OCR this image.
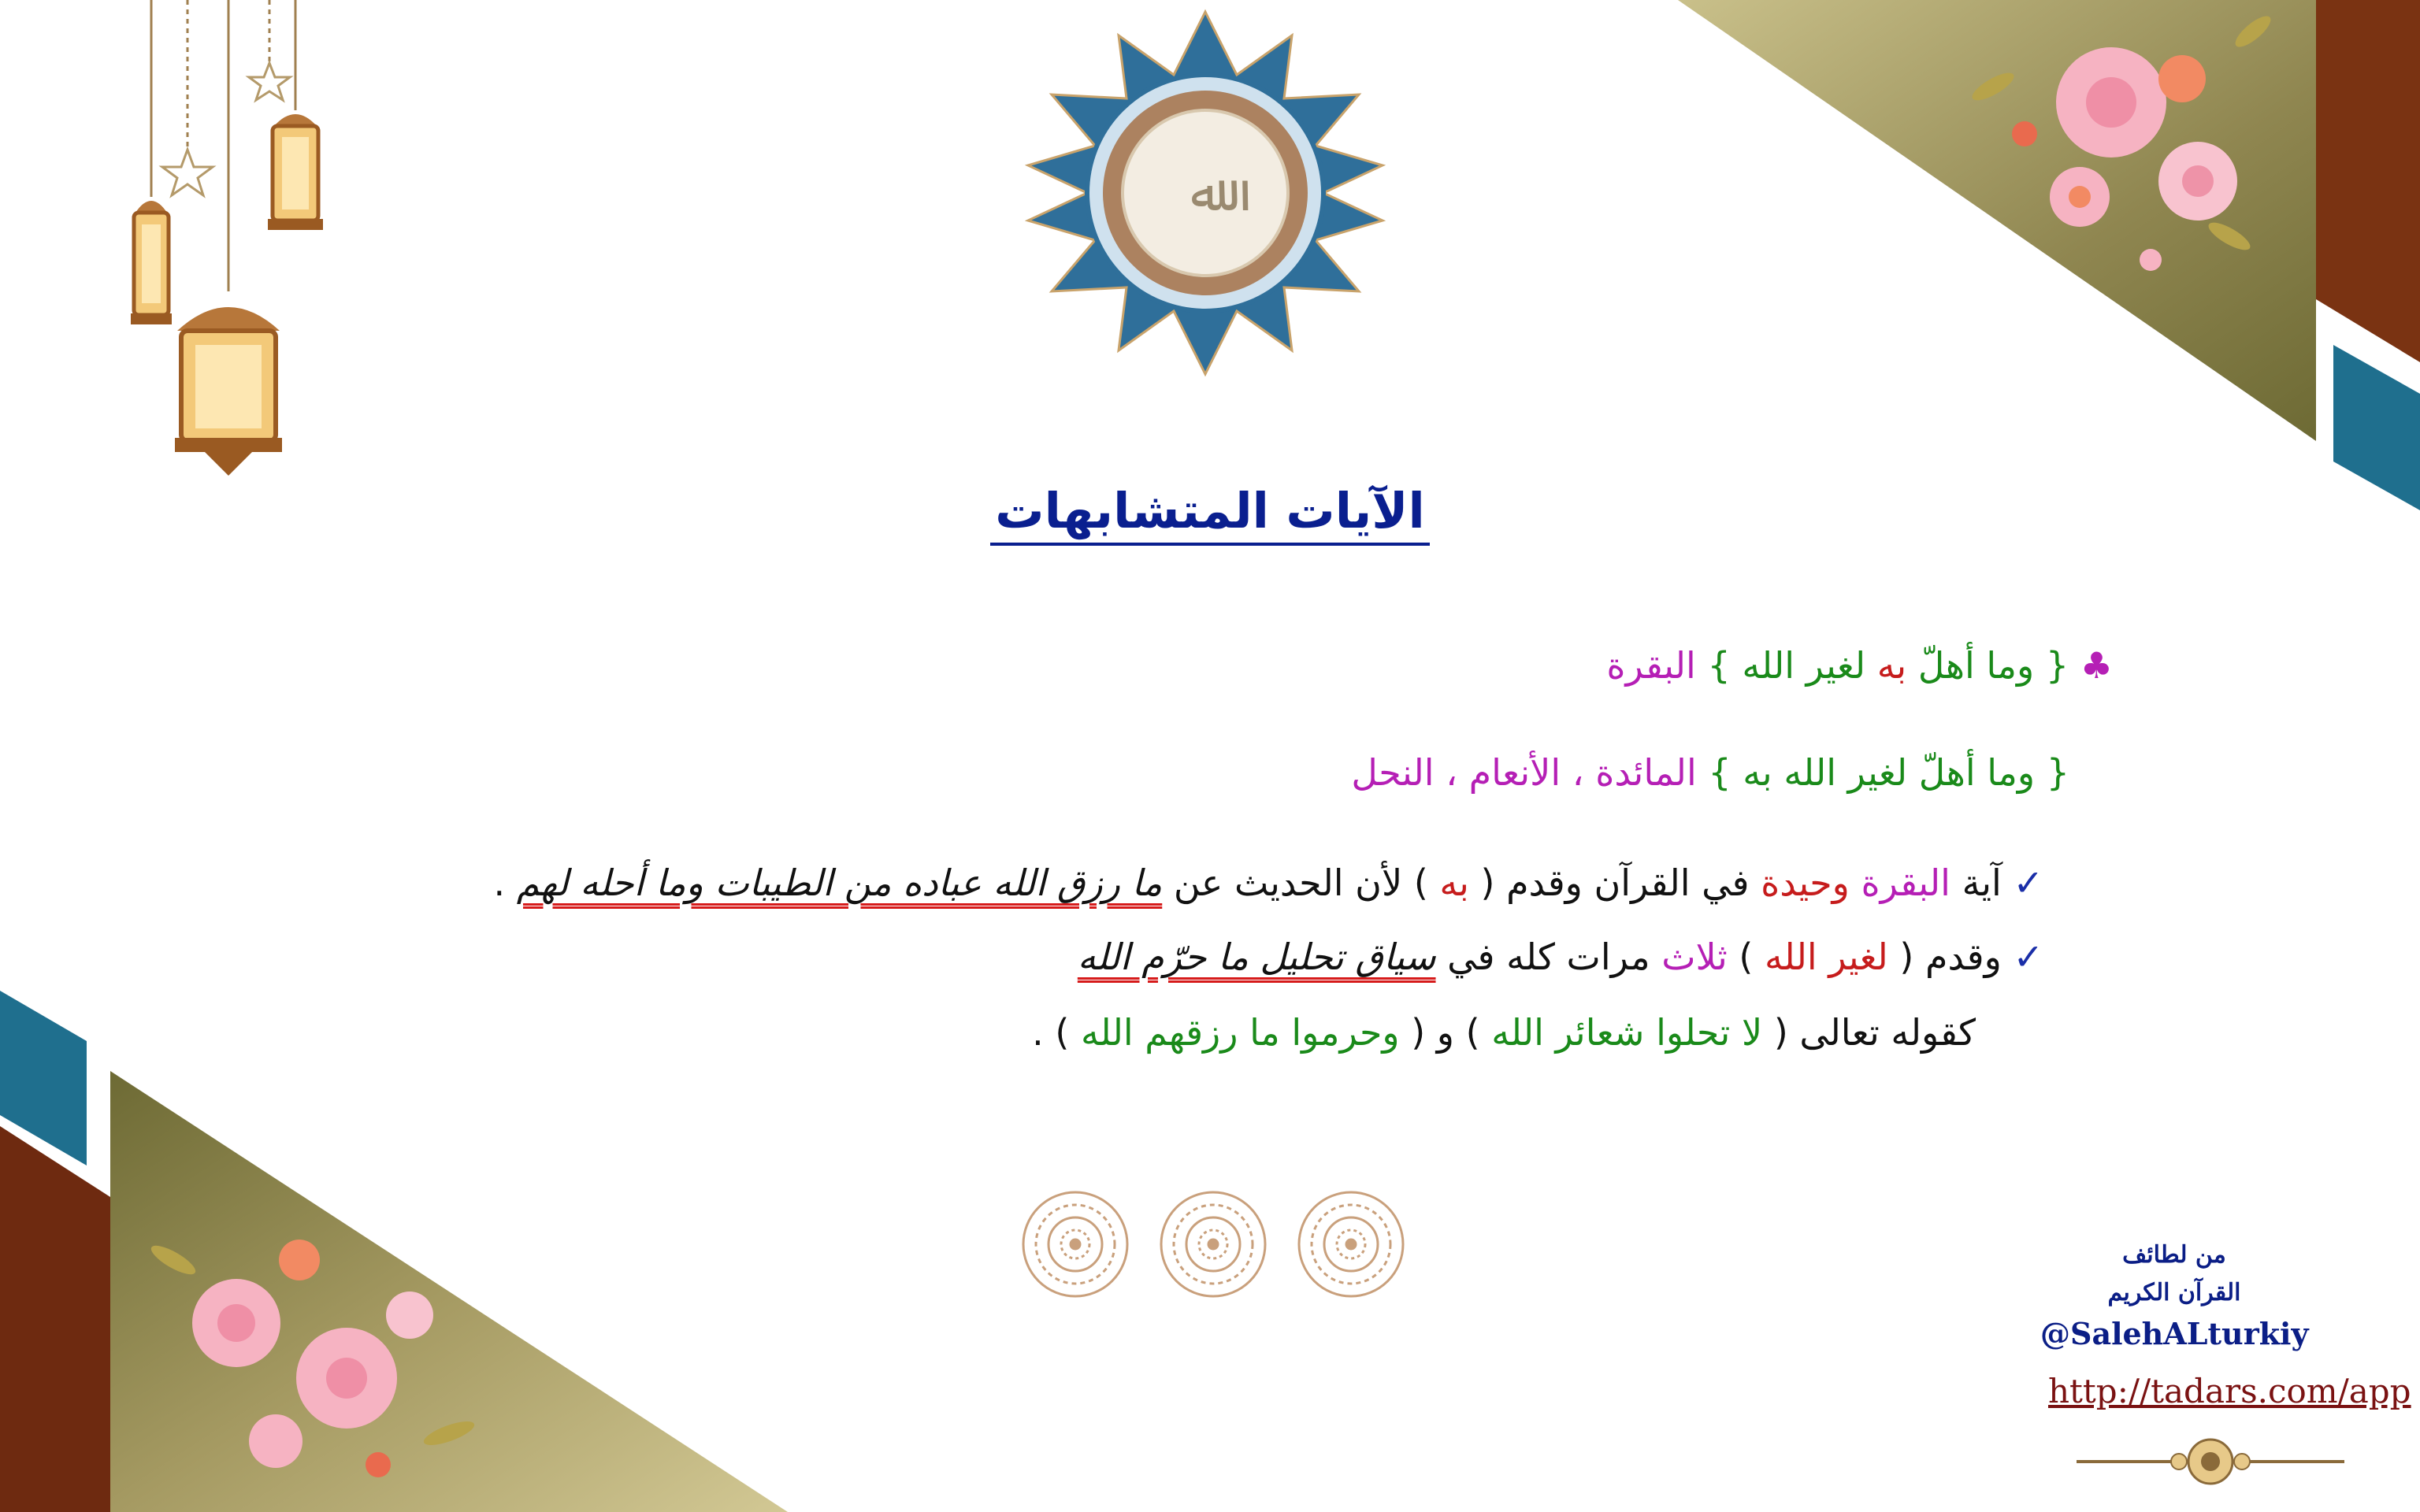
ﷲ
الآيات المتشابهات
♣ { وما أهلّ به لغير الله } البقرة
{ وما أهلّ لغير الله به } المائدة ، الأنعام ، النحل
✓ آية البقرة وحيدة في القرآن وقدم ( به ) لأن الحديث عن ما رزق الله عباده من الطيبات وما أحله لهم .
✓ وقدم ( لغير الله ) ثلاث مرات كله في سياق تحليل ما حرّم الله
كقوله تعالى ( لا تحلوا شعائر الله ) و ( وحرموا ما رزقهم الله ) .
من لطائف
القرآن الكريم
@SalehALturkiy
http://tadars.com/app
